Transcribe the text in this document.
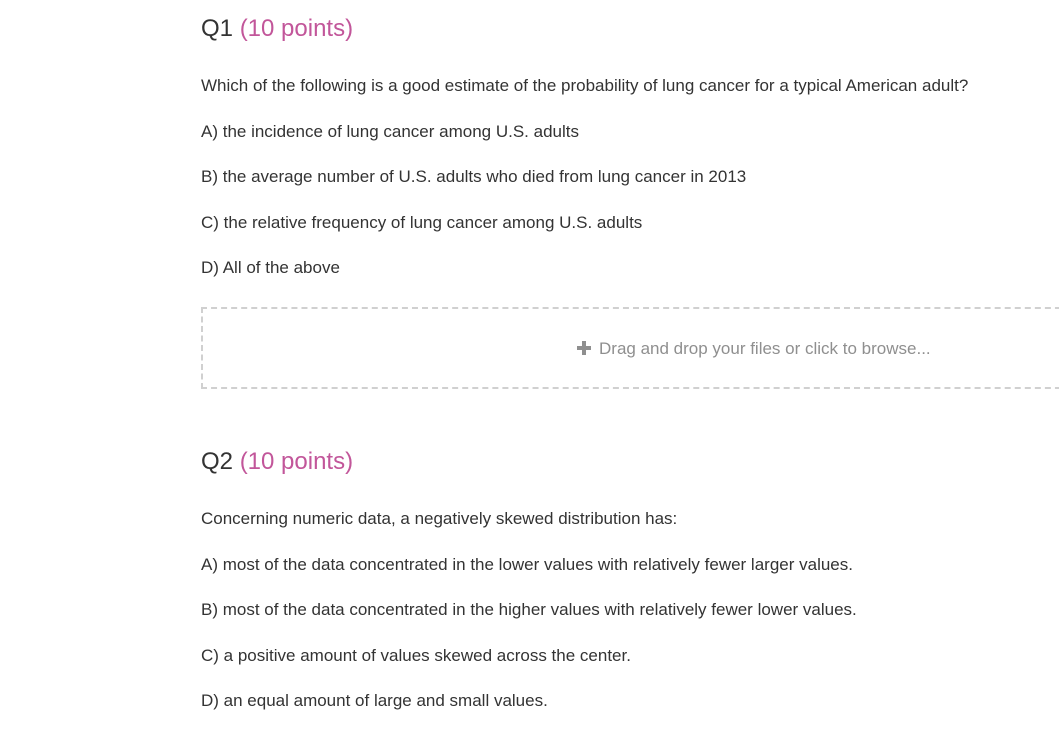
Q1 (10 points)
Which of the following is a good estimate of the probability of lung cancer for a typical American adult?
A) the incidence of lung cancer among U.S. adults
B) the average number of U.S. adults who died from lung cancer in 2013
C) the relative frequency of lung cancer among U.S. adults
D) All of the above
Drag and drop your files or click to browse...
Q2 (10 points)
Concerning numeric data, a negatively skewed distribution has:
A) most of the data concentrated in the lower values with relatively fewer larger values.
B) most of the data concentrated in the higher values with relatively fewer lower values.
C) a positive amount of values skewed across the center.
D) an equal amount of large and small values.
